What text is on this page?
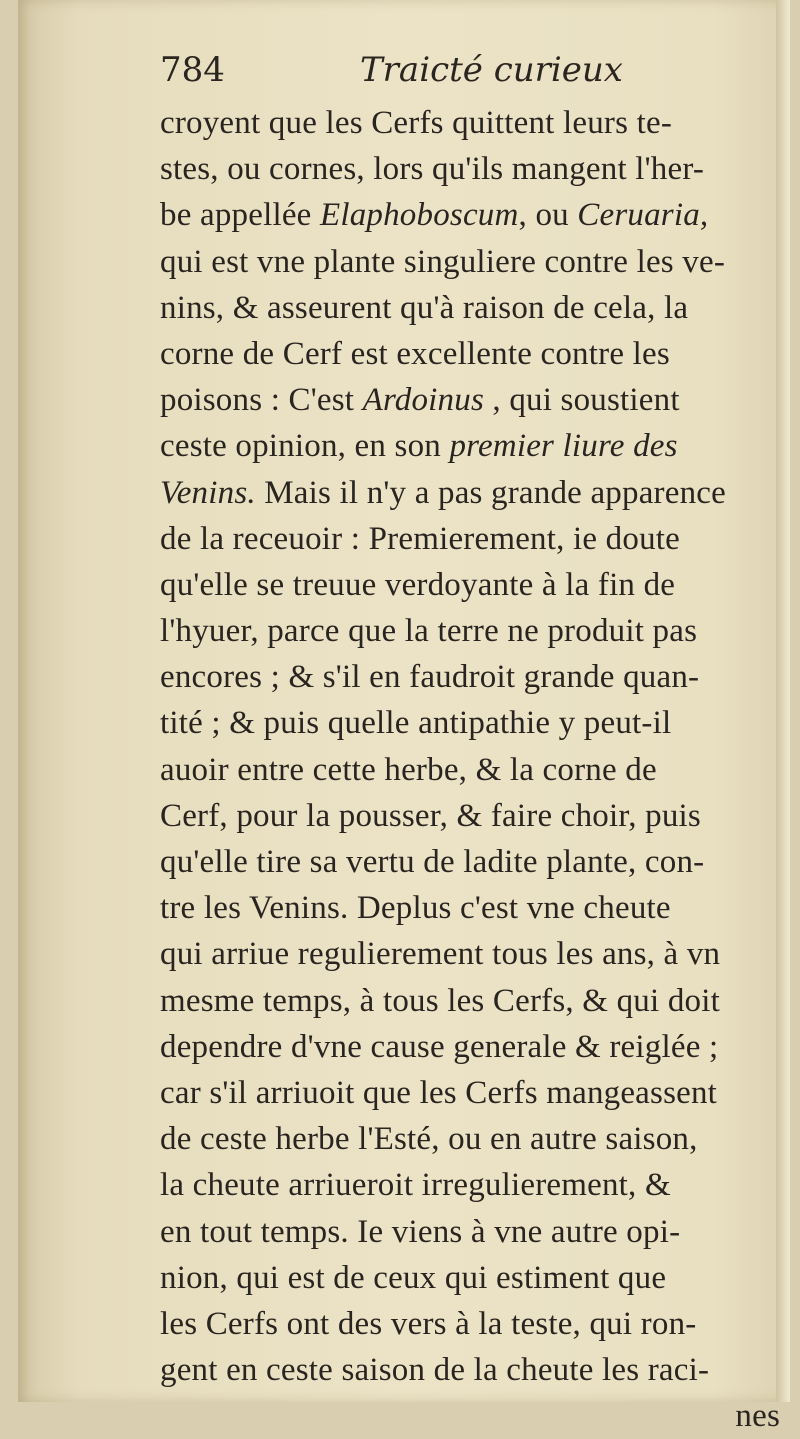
784	Traicté curieux
croyent que les Cerfs quittent leurs te-
stes, ou cornes, lors qu'ils mangent l'her-
be appellée Elaphoboscum, ou Ceruaria,
qui est vne plante singuliere contre les ve-
nins, & asseurent qu'à raison de cela, la
corne de Cerf est excellente contre les
poisons : C'est Ardoinus , qui soustient
ceste opinion, en son premier liure des
Venins. Mais il n'y a pas grande apparence
de la receuoir : Premierement, ie doute
qu'elle se treuue verdoyante à la fin de
l'hyuer, parce que la terre ne produit pas
encores ; & s'il en faudroit grande quan-
tité ; & puis quelle antipathie y peut-il
auoir entre cette herbe, & la corne de
Cerf, pour la pousser, & faire choir, puis
qu'elle tire sa vertu de ladite plante, con-
tre les Venins. Deplus c'est vne cheute
qui arriue regulierement tous les ans, à vn
mesme temps, à tous les Cerfs, & qui doit
dependre d'vne cause generale & reiglée ;
car s'il arriuoit que les Cerfs mangeassent
de ceste herbe l'Esté, ou en autre saison,
la cheute arriueroit irregulierement, &
en tout temps. Ie viens à vne autre opi-
nion, qui est de ceux qui estiment que
les Cerfs ont des vers à la teste, qui ron-
gent en ceste saison de la cheute les raci-
nes
